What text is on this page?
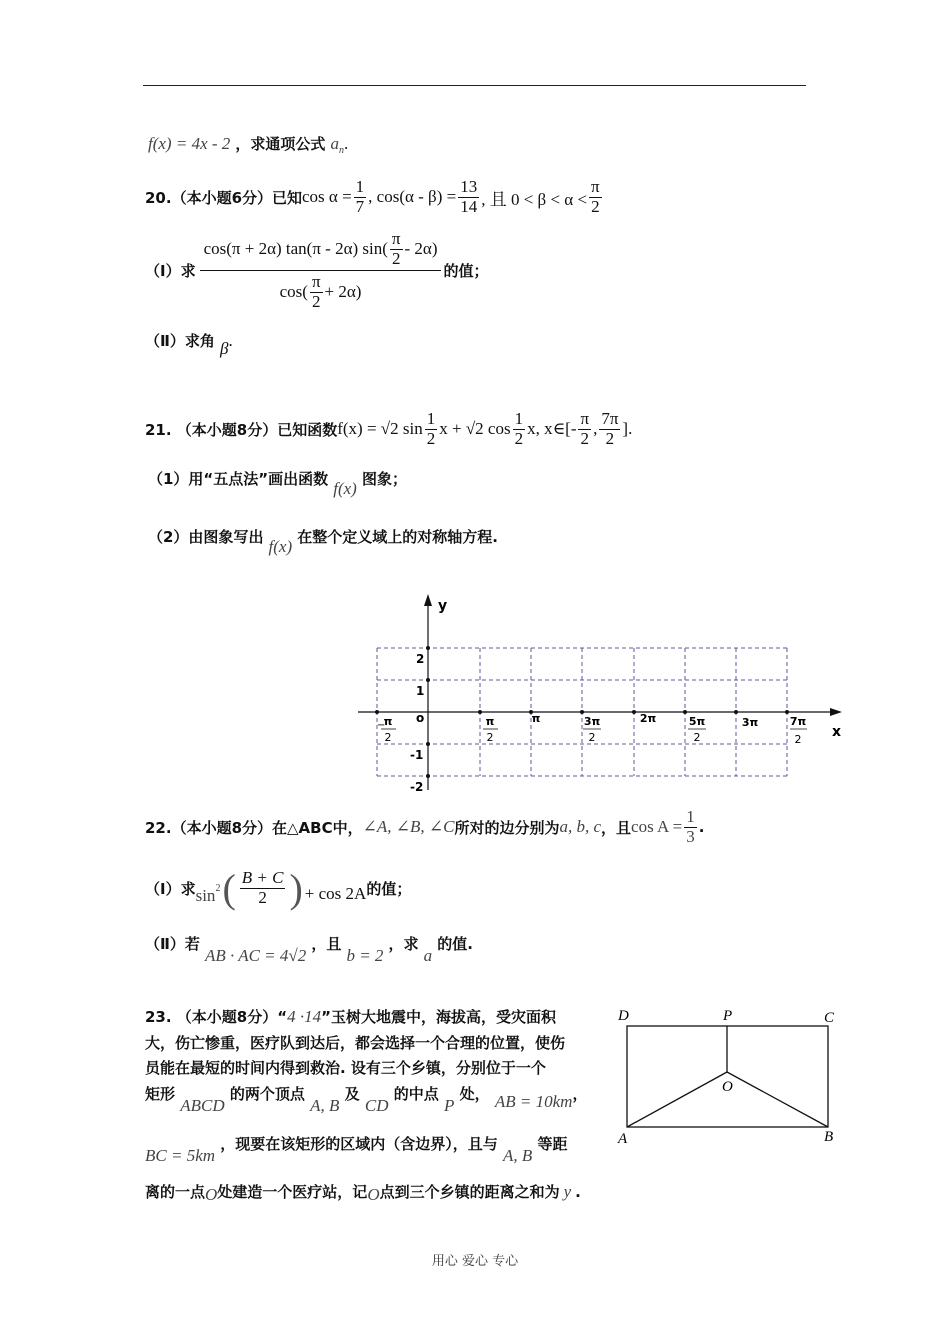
f(x) = 4x - 2 ，求通项公式 $a_n$.
20.（本小题6分）已知 $\cos \alpha = \frac{1}{7}$ , $\cos(\alpha - \beta) = \frac{13}{14}$ , 且 $0 < \beta < \alpha < \frac{\pi}{2}$
（Ⅰ）求 $\frac{\cos(\pi + 2\alpha) \tan(\pi - 2\alpha) \sin( \frac{\pi}{2} - 2\alpha)}{\cos( \frac{\pi}{2} + 2\alpha)}$ 的值；
（Ⅱ）求角 β.
21. （本小题8分）已知函数 f(x) = √2 $\sin \frac{1}{2}$ x + √2 $\cos \frac{1}{2} x$, x∈[- $\frac{\pi}{2}$ , $\frac{7\pi}{2}$ ].
（1）用“五点法”画出函数 f(x) 图象；
（2）由图象写出 f(x) 在整个定义域上的对称轴方程.
y
x
o
2
1
-1
-2
−
π
2
π
2
π	3π
2
2π	5π
2
3π	7π
2
22.（本小题8分）在△ABC中， ∠A, ∠B, ∠C 所对的边分别为 a, b, c ，且 $\cos A = \frac{1}{3}$ .
（Ⅰ）求 $\sin^2$ ( $\frac{B + C}{2}$ ) + cos 2A 的值；
（Ⅱ）若 AB · AC = 4√2 ，且 b = 2 ，求 a 的值.
23. （本小题8分）“4 ·14”玉树大地震中，海拔高，受灾面积
大，伤亡惨重，医疗队到达后，都会选择一个合理的位置，使伤
员能在最短的时间内得到救治. 设有三个乡镇，分别位于一个
矩形 ABCD 的两个顶点 A, B 及 CD 的中点 P 处， AB = 10km，
BC = 5km ，现要在该矩形的区域内（含边界），且与 A, B 等距
离的一点O处建造一个医疗站，记O点到三个乡镇的距离之和为 y .
D	P	C
O
A	B
用心 爱心 专心
